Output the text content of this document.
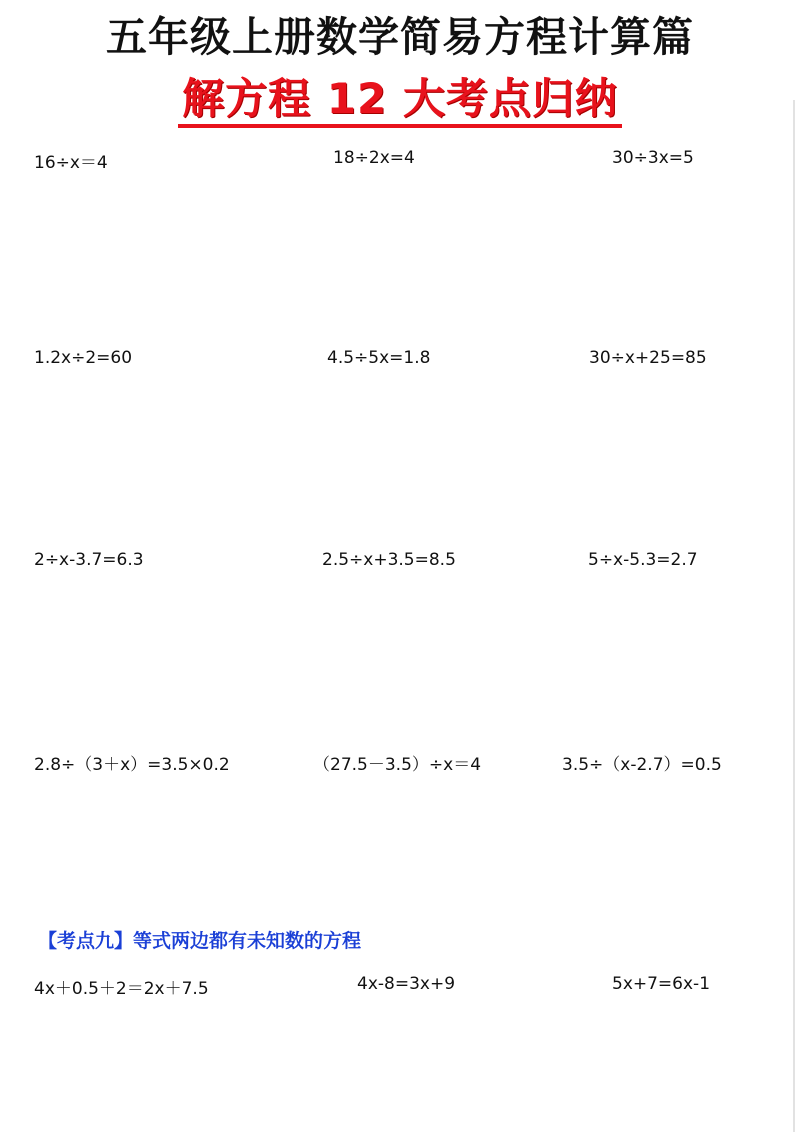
五年级上册数学简易方程计算篇
解方程 12 大考点归纳
16÷x＝4	18÷2x=4	30÷3x=5
1.2x÷2=60	4.5÷5x=1.8	30÷x+25=85
2÷x-3.7=6.3	2.5÷x+3.5=8.5	5÷x-5.3=2.7
2.8÷（3＋x）=3.5×0.2	（27.5－3.5）÷x＝4	3.5÷（x-2.7）=0.5
【考点九】等式两边都有未知数的方程
4x＋0.5＋2＝2x＋7.5	4x-8=3x+9	5x+7=6x-1
